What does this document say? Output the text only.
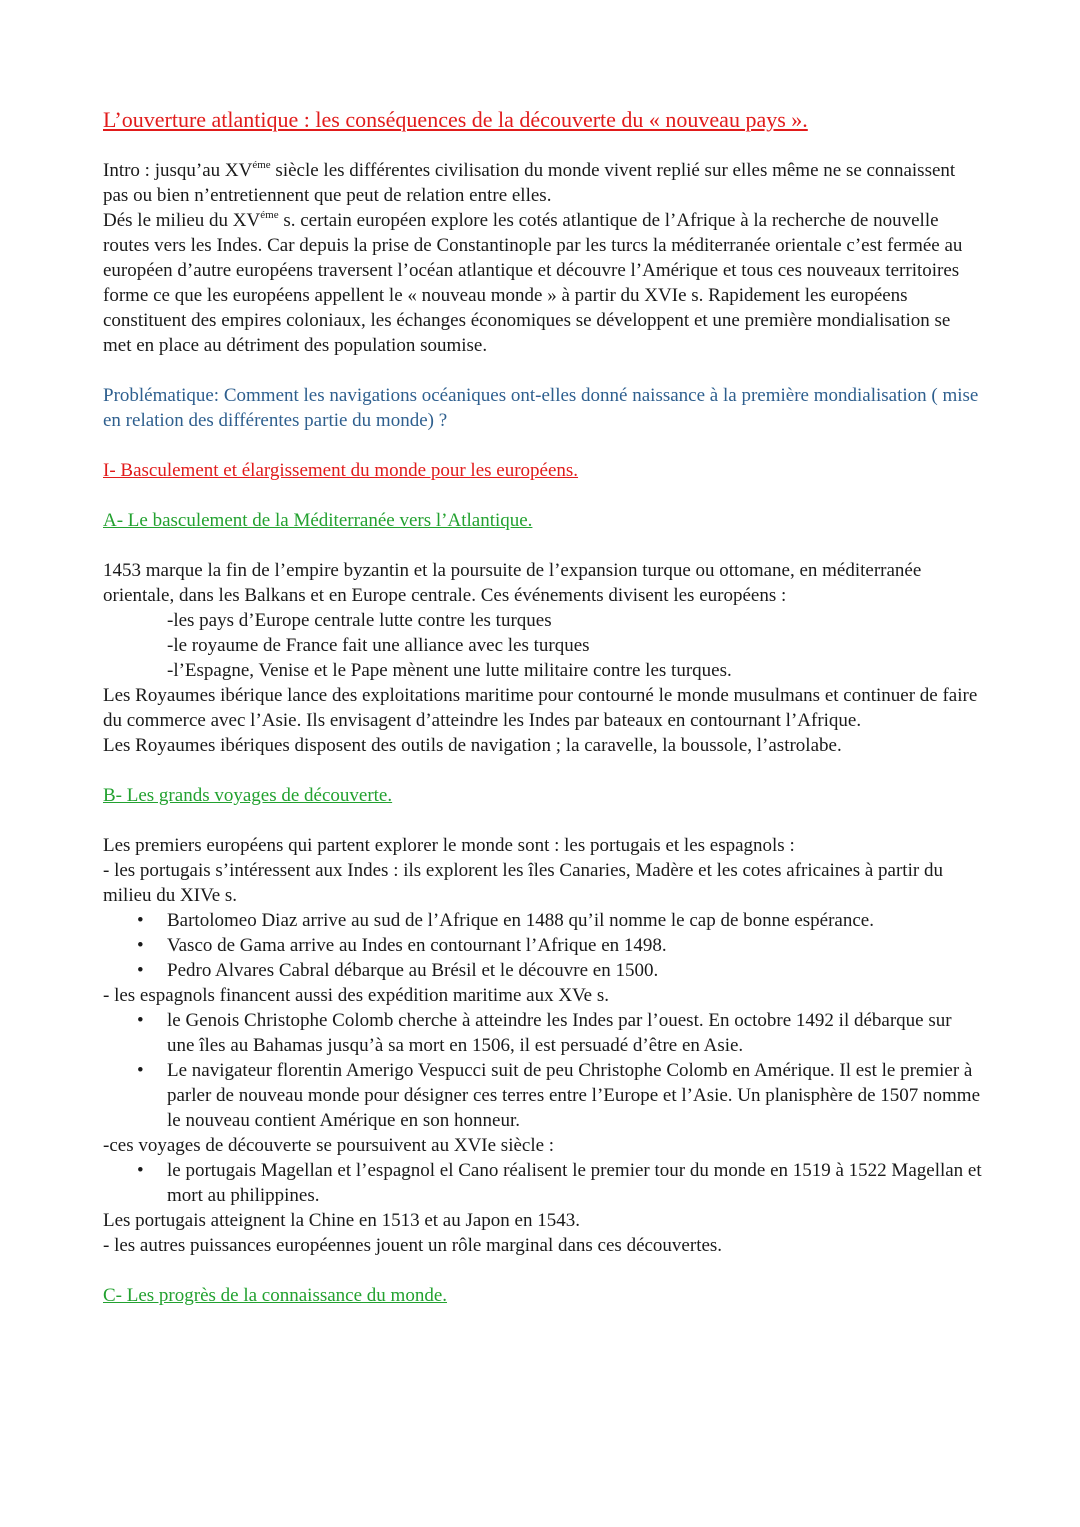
L’ouverture atlantique : les conséquences de la découverte du « nouveau pays ».

Intro : jusqu’au $XV^{éme}$ siècle les différentes civilisation du monde vivent replié sur elles même ne se connaissent pas ou bien n’entretiennent que peut de relation entre elles.

Dés le milieu du $XV^{éme}$ s. certain européen explore les cotés atlantique de l’Afrique à la recherche de nouvelle routes vers les Indes. Car depuis la prise de Constantinople par les turcs la méditerranée orientale c’est fermée au européen d’autre européens traversent l’océan atlantique et découvre l’Amérique et tous ces nouveaux territoires forme ce que les européens appellent le « nouveau monde » à partir du XVIe s. Rapidement les européens constituent des empires coloniaux, les échanges économiques se développent et une première mondialisation se met en place au détriment des population soumise.

Problématique: Comment les navigations océaniques ont-elles donné naissance à la première mondialisation ( mise en relation des différentes partie du monde) ?

I- Basculement et élargissement du monde pour les européens.

A- Le basculement de la Méditerranée vers l’Atlantique.

1453 marque la fin de l’empire byzantin et la poursuite de l’expansion turque ou ottomane, en méditerranée orientale, dans les Balkans et en Europe centrale. Ces événements divisent les européens :

-les pays d’Europe centrale lutte contre les turques

-le royaume de France fait une alliance avec les turques

-l’Espagne, Venise et le Pape mènent une lutte militaire contre les turques.

Les Royaumes ibérique lance des exploitations maritime pour contourné le monde musulmans et continuer de faire du commerce avec l’Asie. Ils envisagent d’atteindre les Indes par bateaux en contournant l’Afrique.

Les Royaumes ibériques disposent des outils de navigation ; la caravelle, la boussole, l’astrolabe.

B- Les grands voyages de découverte.

Les premiers européens qui partent explorer le monde sont : les portugais et les espagnols :

- les portugais s’intéressent aux Indes : ils explorent les îles Canaries, Madère et les cotes africaines à partir du milieu du XIVe s.

• Bartolomeo Diaz arrive au sud de l’Afrique en 1488 qu’il nomme le cap de bonne espérance.
• Vasco de Gama arrive au Indes en contournant l’Afrique en 1498.
• Pedro Alvares Cabral débarque au Brésil et le découvre en 1500.

- les espagnols financent aussi des expédition maritime aux XVe s.

• le Genois Christophe Colomb cherche à atteindre les Indes par l’ouest. En octobre 1492 il débarque sur une îles au Bahamas jusqu’à sa mort en 1506, il est persuadé d’être en Asie.
• Le navigateur florentin Amerigo Vespucci suit de peu Christophe Colomb en Amérique. Il est le premier à parler de nouveau monde pour désigner ces terres entre l’Europe et l’Asie. Un planisphère de 1507 nomme le nouveau contient Amérique en son honneur.

-ces voyages de découverte se poursuivent au XVIe siècle :

• le portugais Magellan et l’espagnol el Cano réalisent le premier tour du monde en 1519 à 1522 Magellan et mort au philippines.

Les portugais atteignent la Chine en 1513 et au Japon en 1543.

- les autres puissances européennes jouent un rôle marginal dans ces découvertes.

C- Les progrès de la connaissance du monde.
